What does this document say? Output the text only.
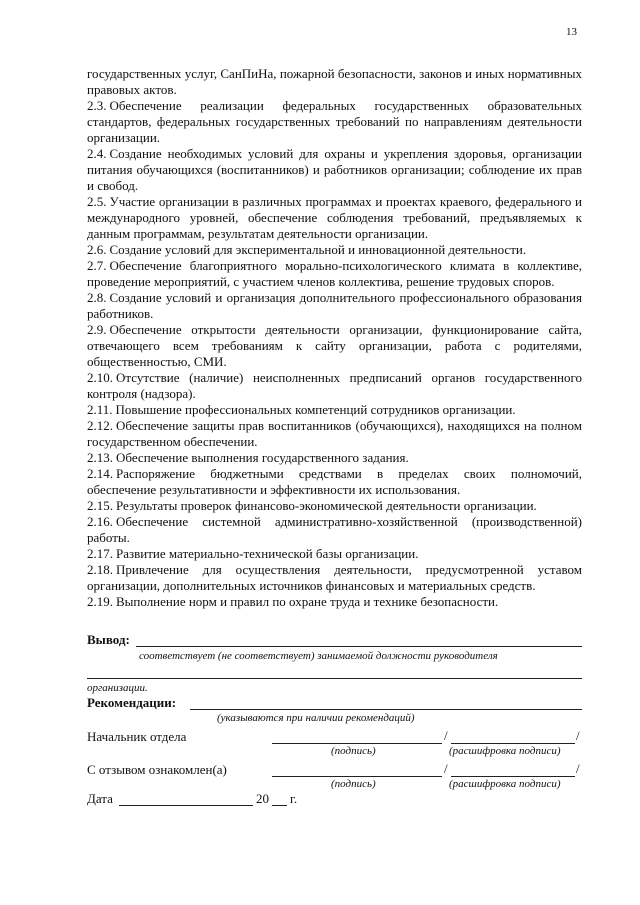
13

государственных услуг, СанПиНа, пожарной безопасности, законов и иных нормативных правовых актов.

2.3. Обеспечение реализации федеральных государственных образовательных стандартов, федеральных государственных требований по направлениям деятельности организации.

2.4. Создание необходимых условий для охраны и укрепления здоровья, организации питания обучающихся (воспитанников) и работников организации; соблюдение их прав и свобод.

2.5. Участие организации в различных программах и проектах краевого, федерального и международного уровней, обеспечение соблюдения требований, предъявляемых к данным программам, результатам деятельности организации.

2.6. Создание условий для экспериментальной и инновационной деятельности.

2.7. Обеспечение благоприятного морально-психологического климата в коллективе, проведение мероприятий, с участием членов коллектива, решение трудовых споров.

2.8. Создание условий и организация дополнительного профессионального образования работников.

2.9. Обеспечение открытости деятельности организации, функционирование сайта, отвечающего всем требованиям к сайту организации, работа с родителями, общественностью, СМИ.

2.10. Отсутствие (наличие) неисполненных предписаний органов государственного контроля (надзора).

2.11. Повышение профессиональных компетенций сотрудников организации.

2.12. Обеспечение защиты прав воспитанников (обучающихся), находящихся на полном государственном обеспечении.

2.13. Обеспечение выполнения государственного задания.

2.14. Распоряжение бюджетными средствами в пределах своих полномочий, обеспечение результативности и эффективности их использования.

2.15. Результаты проверок финансово-экономической деятельности организации.

2.16. Обеспечение системной административно-хозяйственной (производственной) работы.

2.17. Развитие материально-технической базы организации.

2.18. Привлечение для осуществления деятельности, предусмотренной уставом организации, дополнительных источников финансовых и материальных средств.

2.19. Выполнение норм и правил по охране труда и технике безопасности.

Вывод:
соответствует (не соответствует) занимаемой должности руководителя
организации.
Рекомендации:
(указываются при наличии рекомендаций)
Начальник отдела	/	/
(подпись)	(расшифровка подписи)
С отзывом ознакомлен(а)	/	/
(подпись)	(расшифровка подписи)
Дата	20 г.
